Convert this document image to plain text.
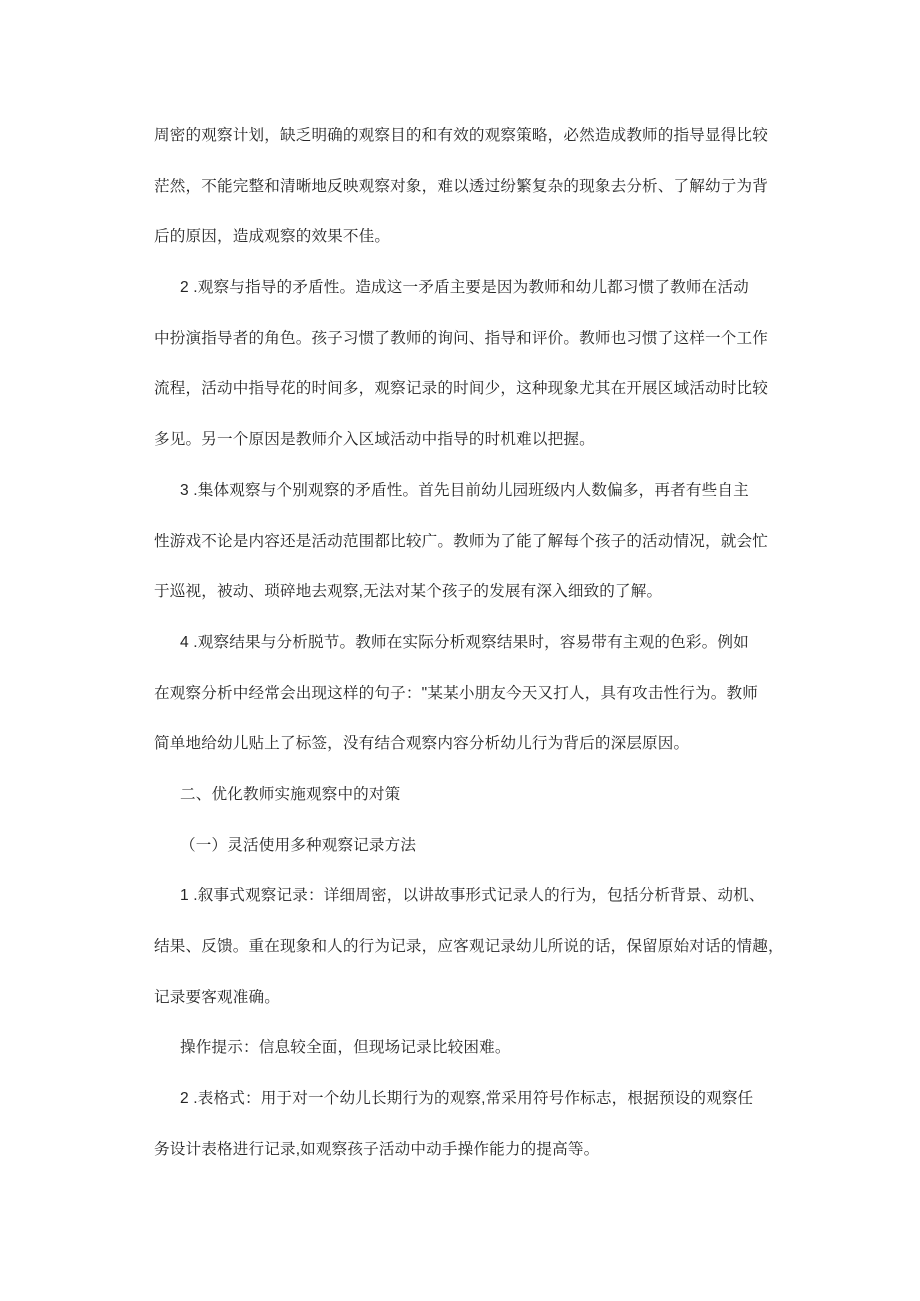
周密的观察计划，缺乏明确的观察目的和有效的观察策略，必然造成教师的指导显得比较
茫然，不能完整和清晰地反映观察对象，难以透过纷繁复杂的现象去分析、了解幼亍为背
后的原因，造成观察的效果不佳。
2 .观察与指导的矛盾性。造成这一矛盾主要是因为教师和幼儿都习惯了教师在活动
中扮演指导者的角色。孩子习惯了教师的询问、指导和评价。教师也习惯了这样一个工作
流程，活动中指导花的时间多，观察记录的时间少，这种现象尤其在开展区域活动时比较
多见。另一个原因是教师介入区域活动中指导的时机难以把握。
3 .集体观察与个别观察的矛盾性。首先目前幼儿园班级内人数偏多，再者有些自主
性游戏不论是内容还是活动范围都比较广。教师为了能了解每个孩子的活动情况，就会忙
于巡视，被动、琐碎地去观察,无法对某个孩子的发展有深入细致的了解。
4 .观察结果与分析脱节。教师在实际分析观察结果时，容易带有主观的色彩。例如
在观察分析中经常会出现这样的句子："某某小朋友今天又打人，具有攻击性行为。教师
简单地给幼儿贴上了标签，没有结合观察内容分析幼儿行为背后的深层原因。
二、优化教师实施观察中的对策
（一）灵活使用多种观察记录方法
1 .叙事式观察记录：详细周密，以讲故事形式记录人的行为，包括分析背景、动机、
结果、反馈。重在现象和人的行为记录，应客观记录幼儿所说的话，保留原始对话的情趣，
记录要客观准确。
操作提示：信息较全面，但现场记录比较困难。
2 .表格式：用于对一个幼儿长期行为的观察,常采用符号作标志，根据预设的观察任
务设计表格进行记录,如观察孩子活动中动手操作能力的提高等。
